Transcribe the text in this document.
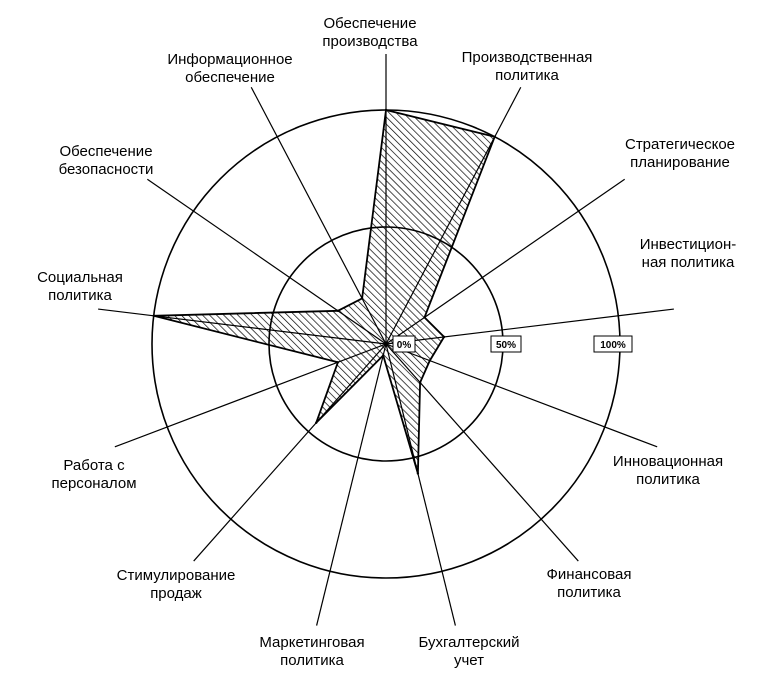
0%	50%	100%
Обеспечение производства
Производственная политика
Стратегическое планирование
Инвестицион-ная политика
Инновационная политика
Финансовая политика
Бухгалтерский учет
Маркетинговая политика
Стимулирование продаж
Работа с персоналом
Социальная политика
Обеспечение безопасности
Информационное обеспечение
